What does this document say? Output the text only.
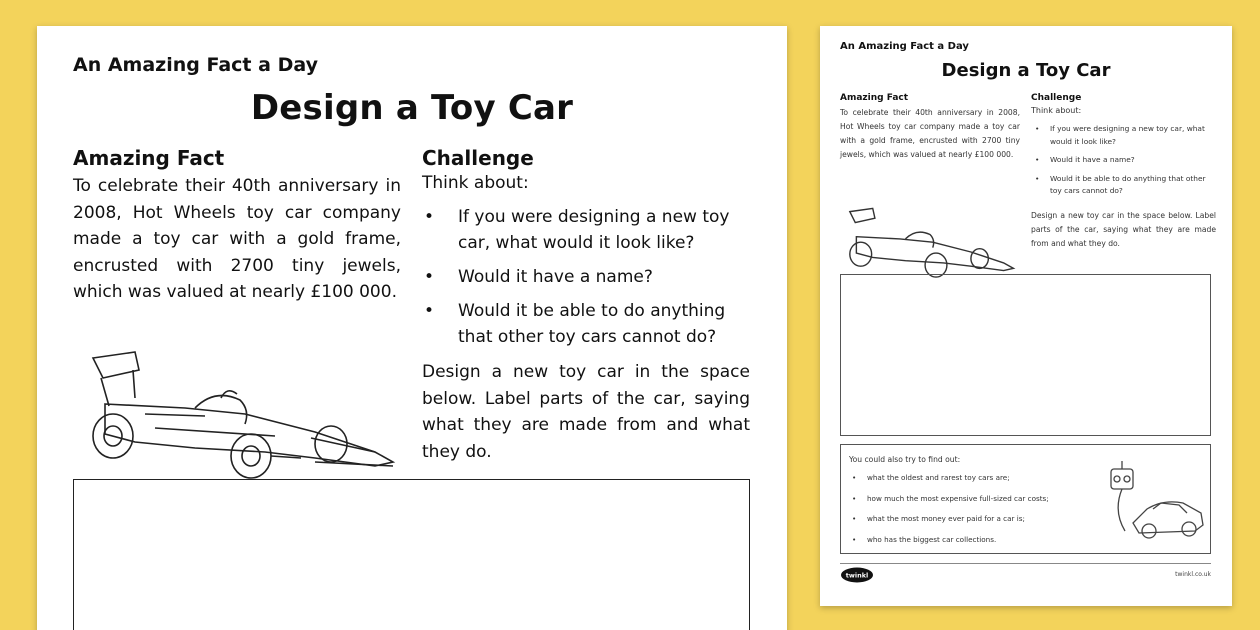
An Amazing Fact a Day
Design a Toy Car
Amazing Fact
To celebrate their 40th anniversary in 2008, Hot Wheels toy car company made a toy car with a gold frame, encrusted with 2700 tiny jewels, which was valued at nearly £100 000.
Challenge
Think about:
• If you were designing a new toy car, what would it look like?
• Would it have a name?
• Would it be able to do anything that other toy cars cannot do?
Design a new toy car in the space below. Label parts of the car, saying what they are made from and what they do.
An Amazing Fact a Day
Design a Toy Car
Amazing Fact
To celebrate their 40th anniversary in 2008, Hot Wheels toy car company made a toy car with a gold frame, encrusted with 2700 tiny jewels, which was valued at nearly £100 000.
Challenge
Think about:
• If you were designing a new toy car, what would it look like?
• Would it have a name?
• Would it be able to do anything that other toy cars cannot do?
Design a new toy car in the space below. Label parts of the car, saying what they are made from and what they do.
You could also try to find out:
• what the oldest and rarest toy cars are;
• how much the most expensive full-sized car costs;
• what the most money ever paid for a car is;
• who has the biggest car collections.
twinkl	twinkl.co.uk
